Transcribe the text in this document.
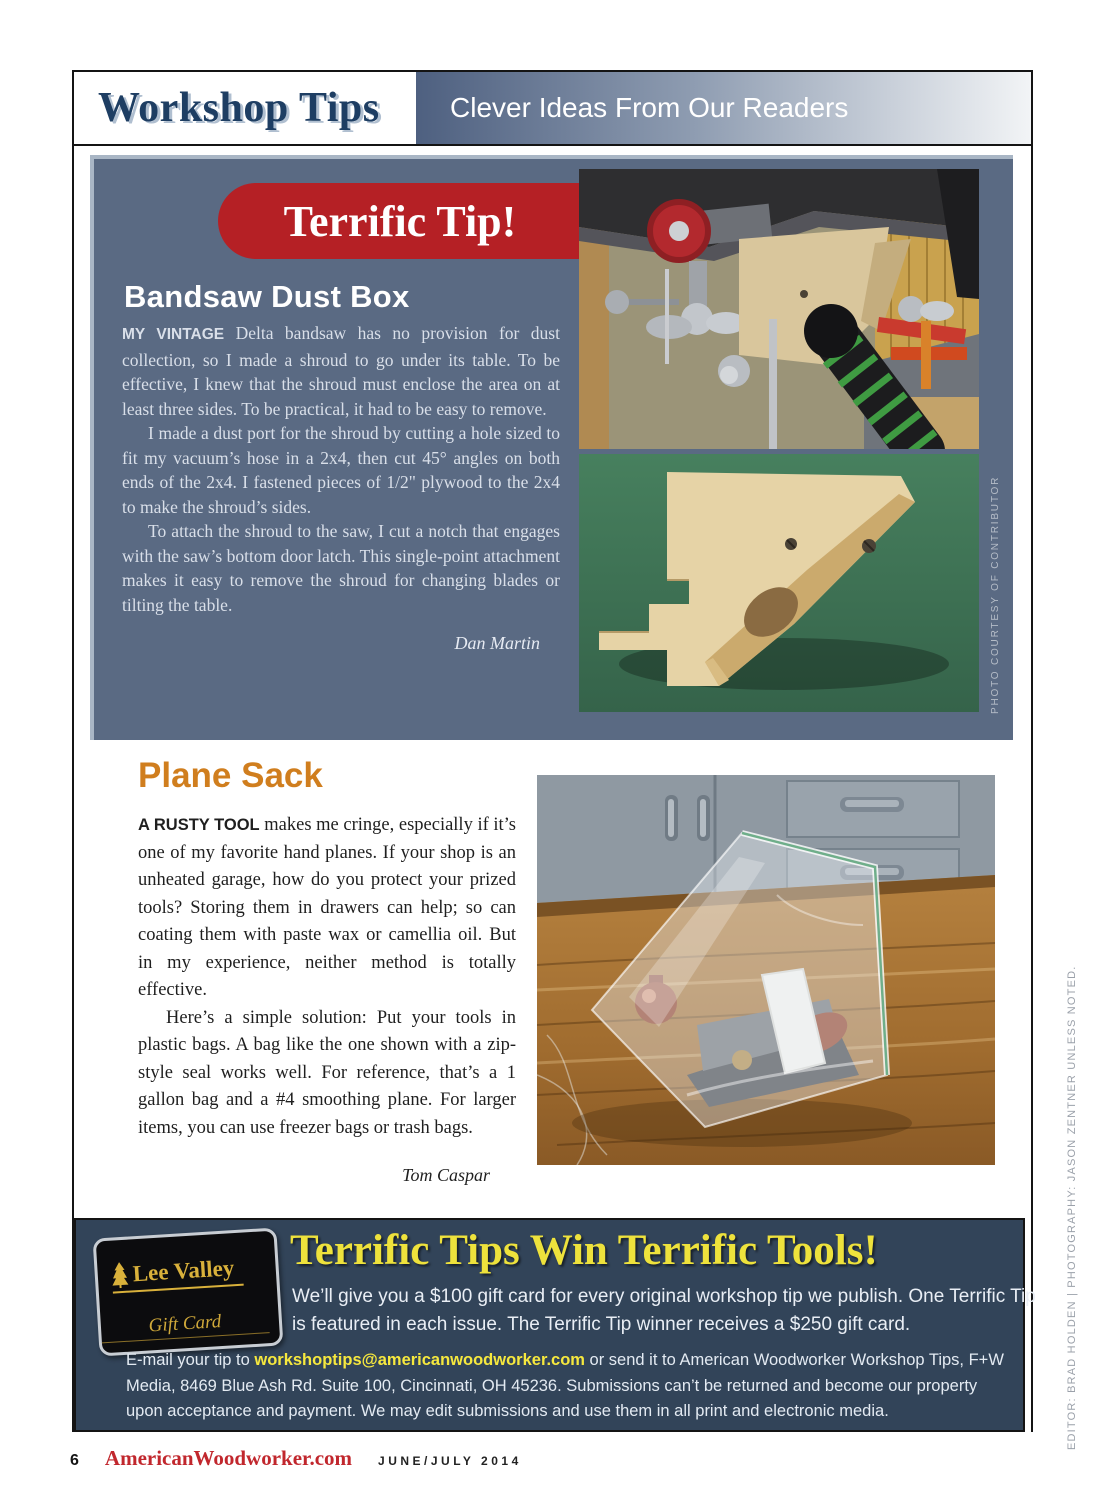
Workshop Tips	Clever Ideas From Our Readers
Terrific Tip!
Bandsaw Dust Box

MY VINTAGE Delta bandsaw has no provision for dust collection, so I made a shroud to go under its table. To be effective, I knew that the shroud must enclose the area on at least three sides. To be practical, it had to be easy to remove.

I made a dust port for the shroud by cutting a hole sized to fit my vacuum’s hose in a 2x4, then cut 45° angles on both ends of the 2x4. I fastened pieces of 1/2" plywood to the 2x4 to make the shroud’s sides.

To attach the shroud to the saw, I cut a notch that engages with the saw’s bottom door latch. This single-point attachment makes it easy to remove the shroud for changing blades or tilting the table.

Dan Martin	PHOTO COURTESY OF CONTRIBUTOR
Plane Sack

A RUSTY TOOL makes me cringe, especially if it’s one of my favorite hand planes. If your shop is an unheated garage, how do you protect your prized tools? Storing them in drawers can help; so can coating them with paste wax or camellia oil. But in my experience, neither method is totally effective.

Here’s a simple solution: Put your tools in plastic bags. A bag like the one shown with a zip-style seal works well. For reference, that’s a 1 gallon bag and a #4 smoothing plane. For larger items, you can use freezer bags or trash bags.

Tom Caspar
Lee Valley
Gift Card
Terrific Tips Win Terrific Tools!
We’ll give you a $100 gift card for every original workshop tip we publish. One Terrific Tip is featured in each issue. The Terrific Tip winner receives a $250 gift card.
E-mail your tip to workshoptips@americanwoodworker.com or send it to American Woodworker Workshop Tips, F+W Media, 8469 Blue Ash Rd. Suite 100, Cincinnati, OH 45236. Submissions can’t be returned and become our property upon acceptance and payment. We may edit submissions and use them in all print and electronic media.
6 AmericanWoodworker.com JUNE/JULY 2014
EDITOR: BRAD HOLDEN | PHOTOGRAPHY: JASON ZENTNER UNLESS NOTED.
